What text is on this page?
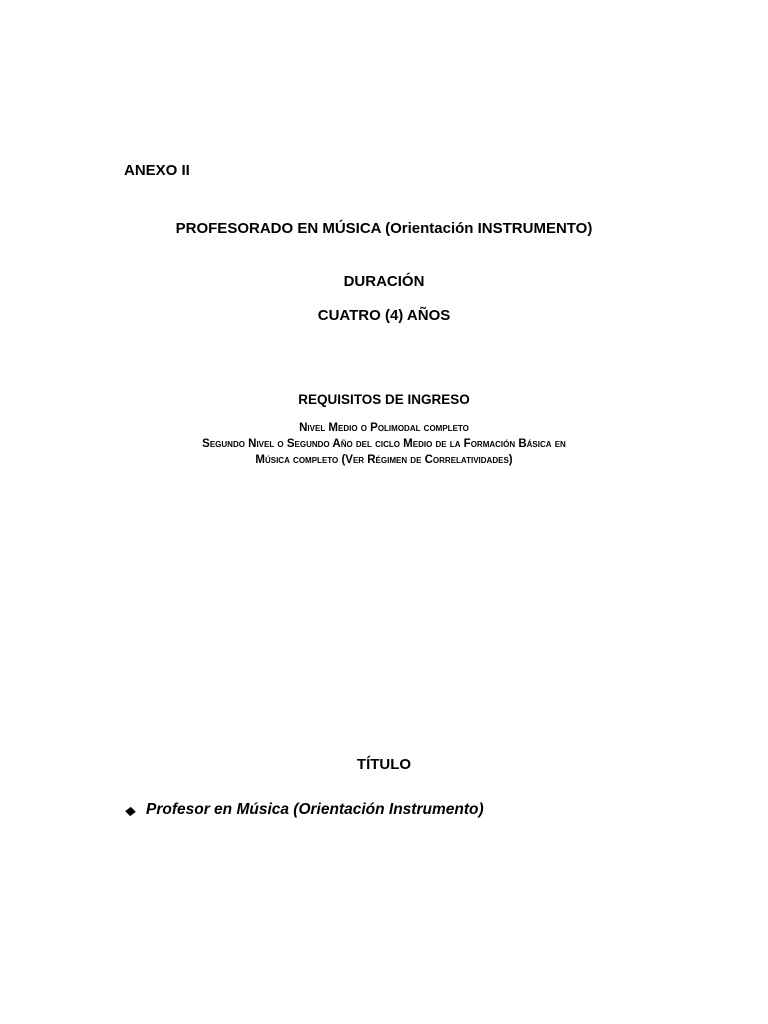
ANEXO II
PROFESORADO EN MÚSICA (Orientación INSTRUMENTO)
DURACIÓN
CUATRO (4) AÑOS
REQUISITOS DE INGRESO
Nivel Medio o Polimodal completo
Segundo Nivel o Segundo Año del ciclo Medio de la Formación Básica en
Música completo (Ver Régimen de Correlatividades)
TÍTULO
Profesor en Música (Orientación Instrumento)
